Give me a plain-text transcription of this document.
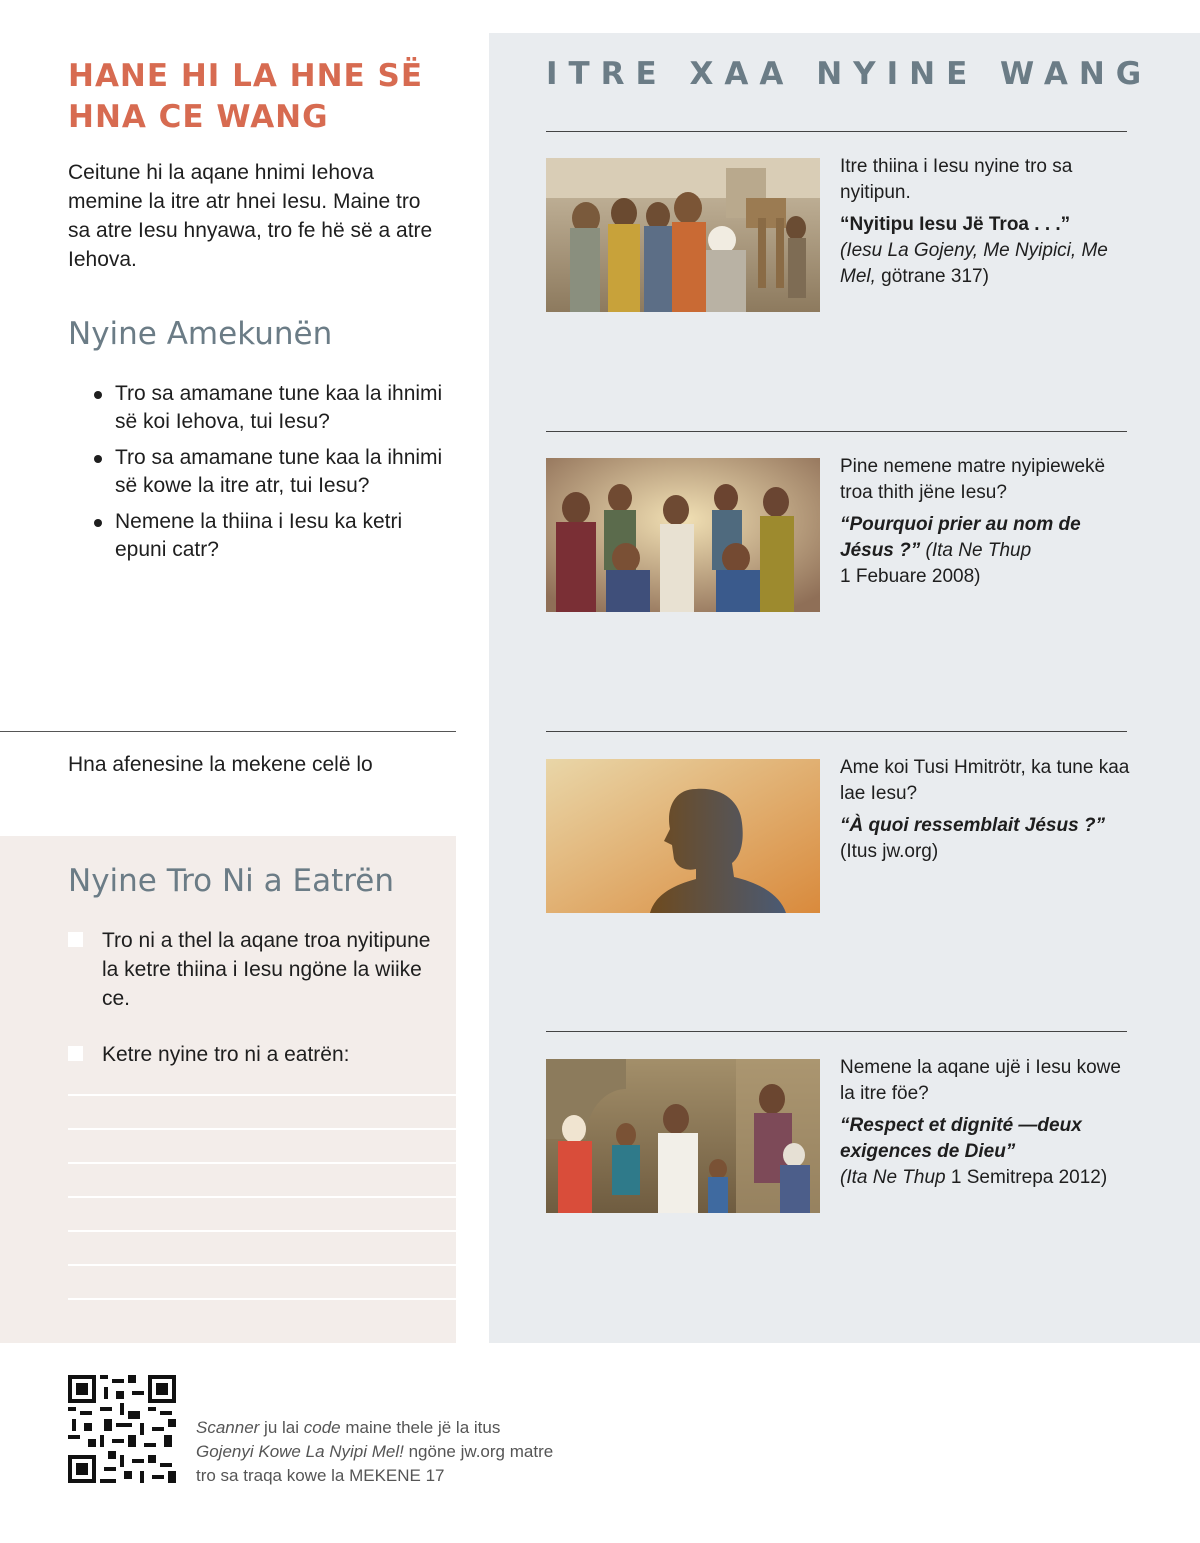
HANE HI LA HNE SË
HNA CE WANG

Ceitune hi la aqane hnimi Iehova memine la itre atr hnei Iesu. Maine tro sa atre Iesu hnyawa, tro fe hë së a atre Iehova.

Nyine Amekunën
Tro sa amamane tune kaa la ihnimi së koi Iehova, tui Iesu?
Tro sa amamane tune kaa la ihnimi së kowe la itre atr, tui Iesu?
Nemene la thiina i Iesu ka ketri epuni catr?
Hna afenesine la mekene celë lo
Nyine Tro Ni a Eatrën
Tro ni a thel la aqane troa nyitipune la ketre thiina i Iesu ngöne la wiike ce.
Ketre nyine tro ni a eatrën:
ITRE XAA NYINE WANG

Itre thiina i Iesu nyine tro sa nyitipun.

“Nyitipu Iesu Jë Troa . . .”
(Iesu La Gojeny, Me Nyipici, Me Mel, götrane 317)

Pine nemene matre nyipiewekë troa thith jëne Iesu?

“Pourquoi prier au nom de Jésus ?” (Ita Ne Thup
1 Febuare 2008)

Ame koi Tusi Hmitrötr, ka tune kaa lae Iesu?

“À quoi ressemblait Jésus ?”
(Itus jw.org)

Nemene la aqane ujë i Iesu kowe la itre föe?

“Respect et dignité —deux exigences de Dieu”
(Ita Ne Thup 1 Semitrepa 2012)

Scanner ju lai code maine thele jë la itus Gojenyi Kowe La Nyipi Mel! ngöne jw.org matre tro sa traqa kowe la MEKENE 17
